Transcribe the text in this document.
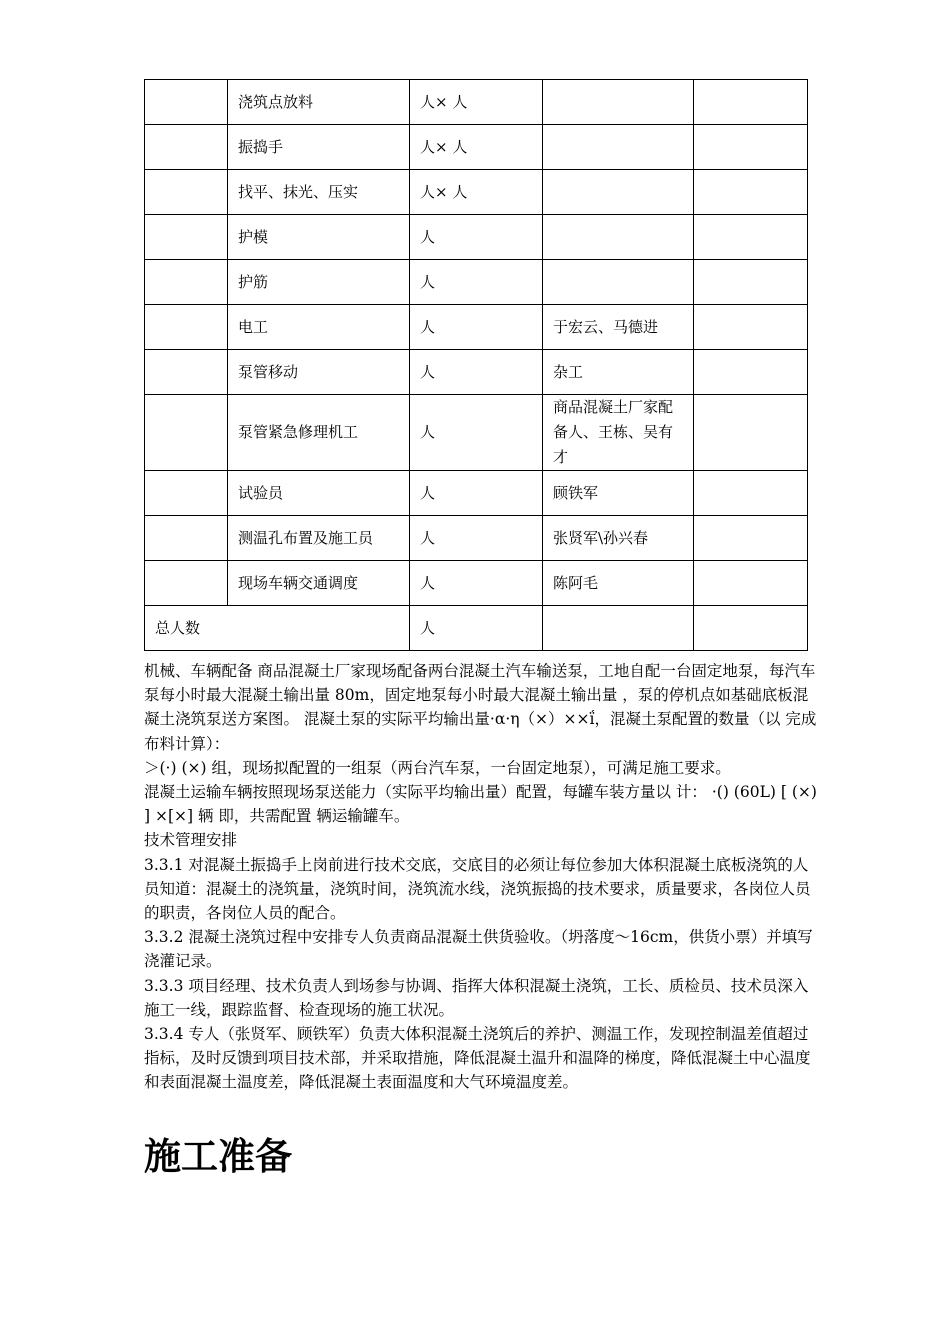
	浇筑点放料	人× 人		
	振捣手	人× 人		
	找平、抹光、压实	人× 人		
	护模	人		
	护筋	人		
	电工	人	于宏云、马德进	
	泵管移动	人	杂工	
	泵管紧急修理机工	人	商品混凝土厂家配备人、王栋、吴有才	
	试验员	人	顾铁军	
	测温孔布置及施工员	人	张贤军\孙兴春	
	现场车辆交通调度	人	陈阿毛	
总人数		人		

机械、车辆配备 商品混凝土厂家现场配备两台混凝土汽车输送泵，工地自配一台固定地泵，每汽车泵每小时最大混凝土输出量 80m，固定地泵每小时最大混凝土输出量 ，泵的停机点如基础底板混凝土浇筑泵送方案图。 混凝土泵的实际平均输出量·α·η（×）××ḯ，混凝土泵配置的数量（以 完成布料计算）：

＞(·) (×) 组，现场拟配置的一组泵（两台汽车泵，一台固定地泵），可满足施工要求。

混凝土运输车辆按照现场泵送能力（实际平均输出量）配置，每罐车装方量以 计： ·() (60L) [ (×) ] ×[×] 辆 即，共需配置 辆运输罐车。

技术管理安排

3.3.1 对混凝土振捣手上岗前进行技术交底，交底目的必须让每位参加大体积混凝土底板浇筑的人员知道：混凝土的浇筑量，浇筑时间，浇筑流水线，浇筑振捣的技术要求，质量要求，各岗位人员的职责，各岗位人员的配合。

3.3.2 混凝土浇筑过程中安排专人负责商品混凝土供货验收。（坍落度～16cm，供货小票）并填写浇灌记录。

3.3.3 项目经理、技术负责人到场参与协调、指挥大体积混凝土浇筑，工长、质检员、技术员深入施工一线，跟踪监督、检查现场的施工状况。

3.3.4 专人（张贤军、顾铁军）负责大体积混凝土浇筑后的养护、测温工作，发现控制温差值超过指标，及时反馈到项目技术部，并采取措施，降低混凝土温升和温降的梯度，降低混凝土中心温度和表面混凝土温度差，降低混凝土表面温度和大气环境温度差。

施工准备
